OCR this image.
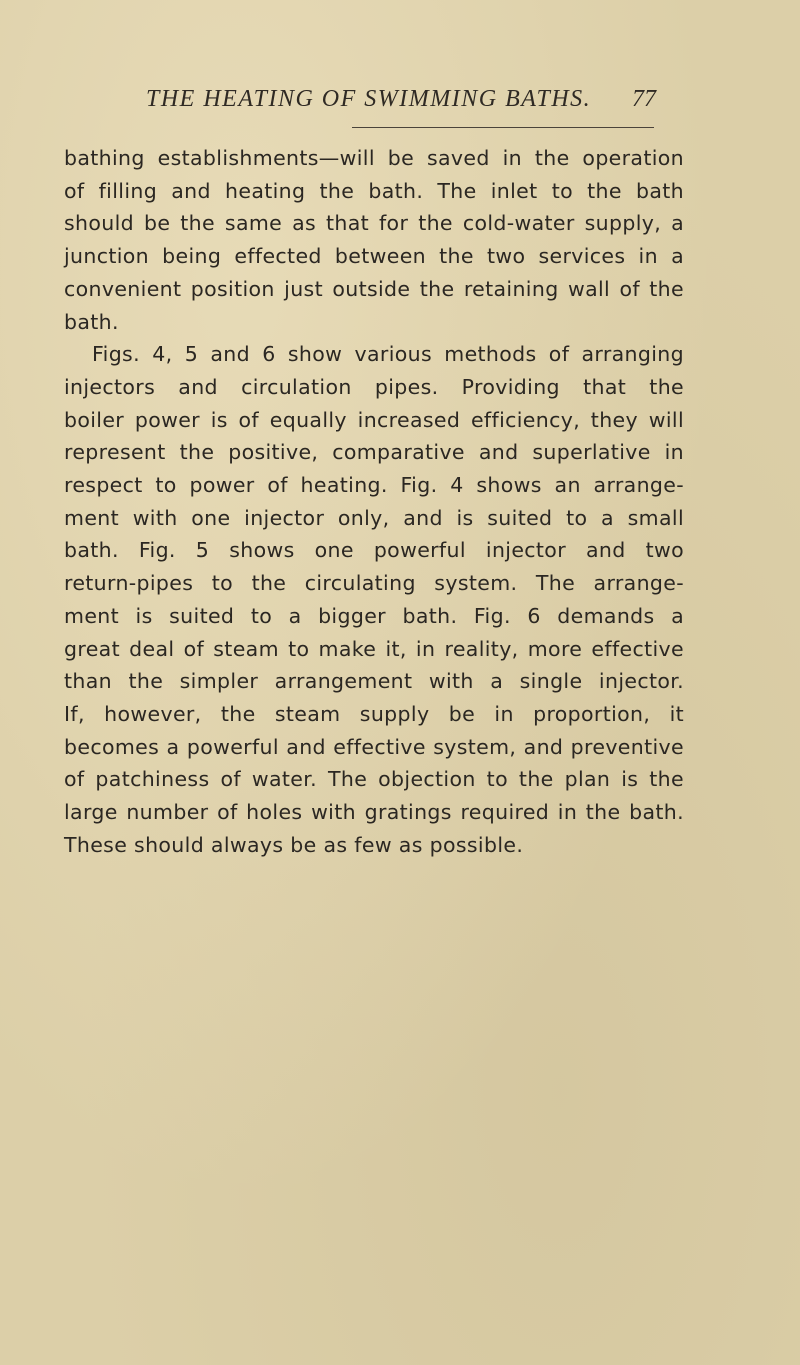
THE HEATING OF SWIMMING BATHS. 77
bathing establishments—will be saved in the operation
of filling and heating the bath. The inlet to the bath
should be the same as that for the cold-water supply, a
junction being effected between the two services in a
convenient position just outside the retaining wall of the
bath.
Figs. 4, 5 and 6 show various methods of arranging
injectors and circulation pipes. Providing that the
boiler power is of equally increased efficiency, they will
represent the positive, comparative and superlative in
respect to power of heating. Fig. 4 shows an arrange-
ment with one injector only, and is suited to a small
bath. Fig. 5 shows one powerful injector and two
return-pipes to the circulating system. The arrange-
ment is suited to a bigger bath. Fig. 6 demands a
great deal of steam to make it, in reality, more effective
than the simpler arrangement with a single injector.
If, however, the steam supply be in proportion, it
becomes a powerful and effective system, and preventive
of patchiness of water. The objection to the plan is the
large number of holes with gratings required in the bath.
These should always be as few as possible.
